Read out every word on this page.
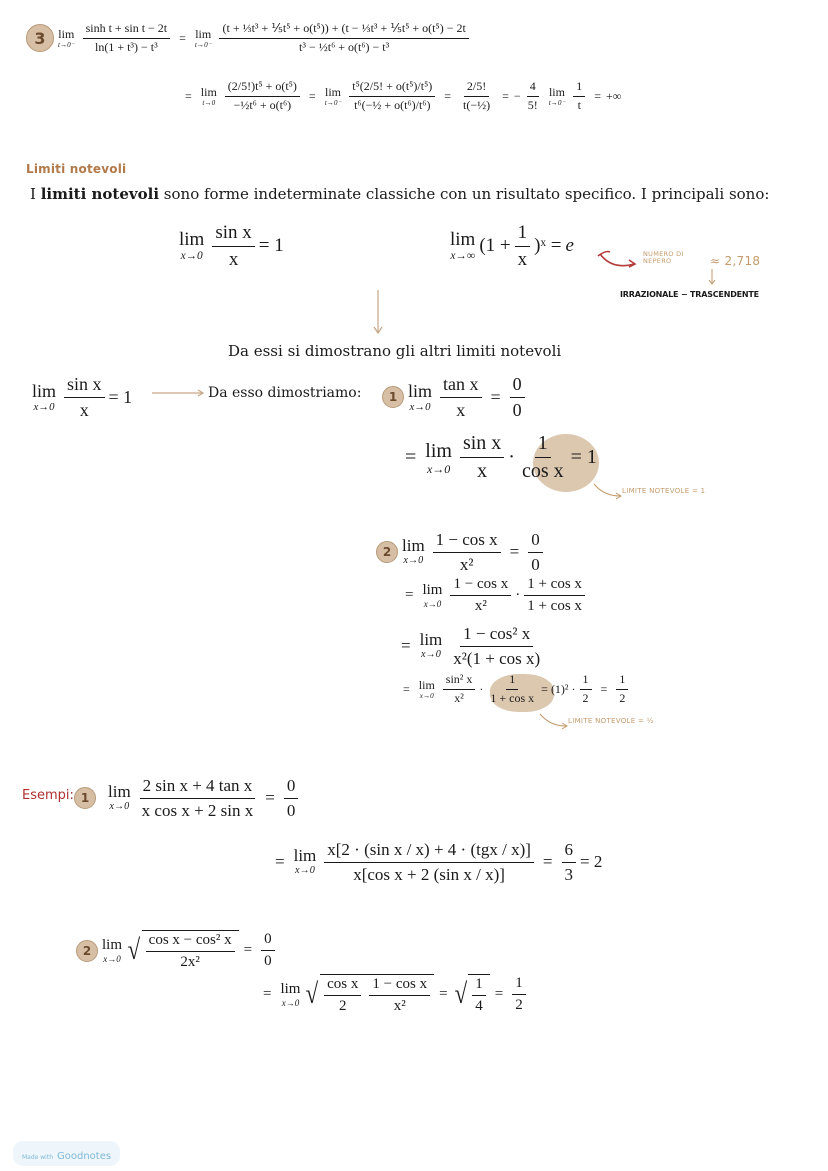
3	lim
$t\to 0^- \frac{\text{sinh t + sin t − 2t}}{\text{ln(1 + t³) − t³}} = \lim$
$t\to 0^- \frac{\text{(t + ⅓t³ + ⅕t⁵ + o(t⁵)) + (t − ⅓t³ + ⅕t⁵ + o(t⁵) − 2t}}{\text{t³ − ½t⁶ + o(t⁶) − t³}}$
= lim
$t\to 0 \frac{\text{(2/5!)t⁵ + o(t⁵)}}{\text{−½t⁶ + o(t⁶)}} = \lim$
$t\to 0^- \frac{\text{t⁵(2/5! + o(t⁵)/t⁵)}}{\text{t⁶(−½ + o(t⁶)/t⁶)}} = \frac{2/5!}{\text{t(−½)}}$ = − $\frac{4}{5!}$ lim
$t\to 0^- \frac{1}{t}$ = +∞
Limiti notevoli
I limiti notevoli sono forme indeterminate classiche con un risultato specifico. I principali sono:
lim
$x\to 0 \frac{\text{sin x}}{x} = 1$	lim
x→∞ ($1 + \frac{1}{x}$ )ˣ = e	NUMERO DI NEPERO	≈ 2,718
IRRAZIONALE − TRASCENDENTE
Da essi si dimostrano gli altri limiti notevoli
lim
$x\to 0 \frac{\text{sin x}}{x} = 1$	Da esso dimostriamo:	1 lim
$x\to 0 \frac{\text{tan x}}{x} = \frac{0}{0}$
= lim
$x\to 0 \frac{\text{sin x}}{x} \cdot \frac{1}{\text{cos x}} = 1$
LIMITE NOTEVOLE = 1
2 lim
$x\to 0 \frac{\text{1 − cos x}}{\text{x²}} = \frac{0}{0}$
= lim
$x\to 0 \frac{\text{1 − cos x}}{\text{x²}} \cdot \frac{\text{1 + cos x}}{\text{1 + cos x}}$
= lim
$x\to 0 \frac{\text{1 − cos² x}}{\text{x²(1 + cos x)}}$
= lim
$x\to 0 \frac{\text{sin² x}}{\text{x²}} \cdot \frac{1}{\text{1 + cos x}} = (1)^2 \cdot \frac{1}{2} = \frac{1}{2}$
LIMITE NOTEVOLE = ½
Esempi: 1	lim
$x\to 0 \frac{\text{2 sin x + 4 tan x}}{\text{x cos x + 2 sin x}} = \frac{0}{0}$
= lim
$x\to 0 \frac{\text{x[2 · (sin x / x) + 4 · (tgx / x)]}}{\text{x[cos x + 2 (sin x / x)]}} = \frac{6}{3} = 2$
2 lim
x→0 √ $\frac{\text{cos x − cos² x}}{\text{2x²}} = \frac{0}{0}$
= lim
x→0 √ $\frac{\text{cos x}}{2} \frac{\text{1 − cos x}}{\text{x²}}$ = √ $\frac{1}{4} = \frac{1}{2}$
Made with Goodnotes
